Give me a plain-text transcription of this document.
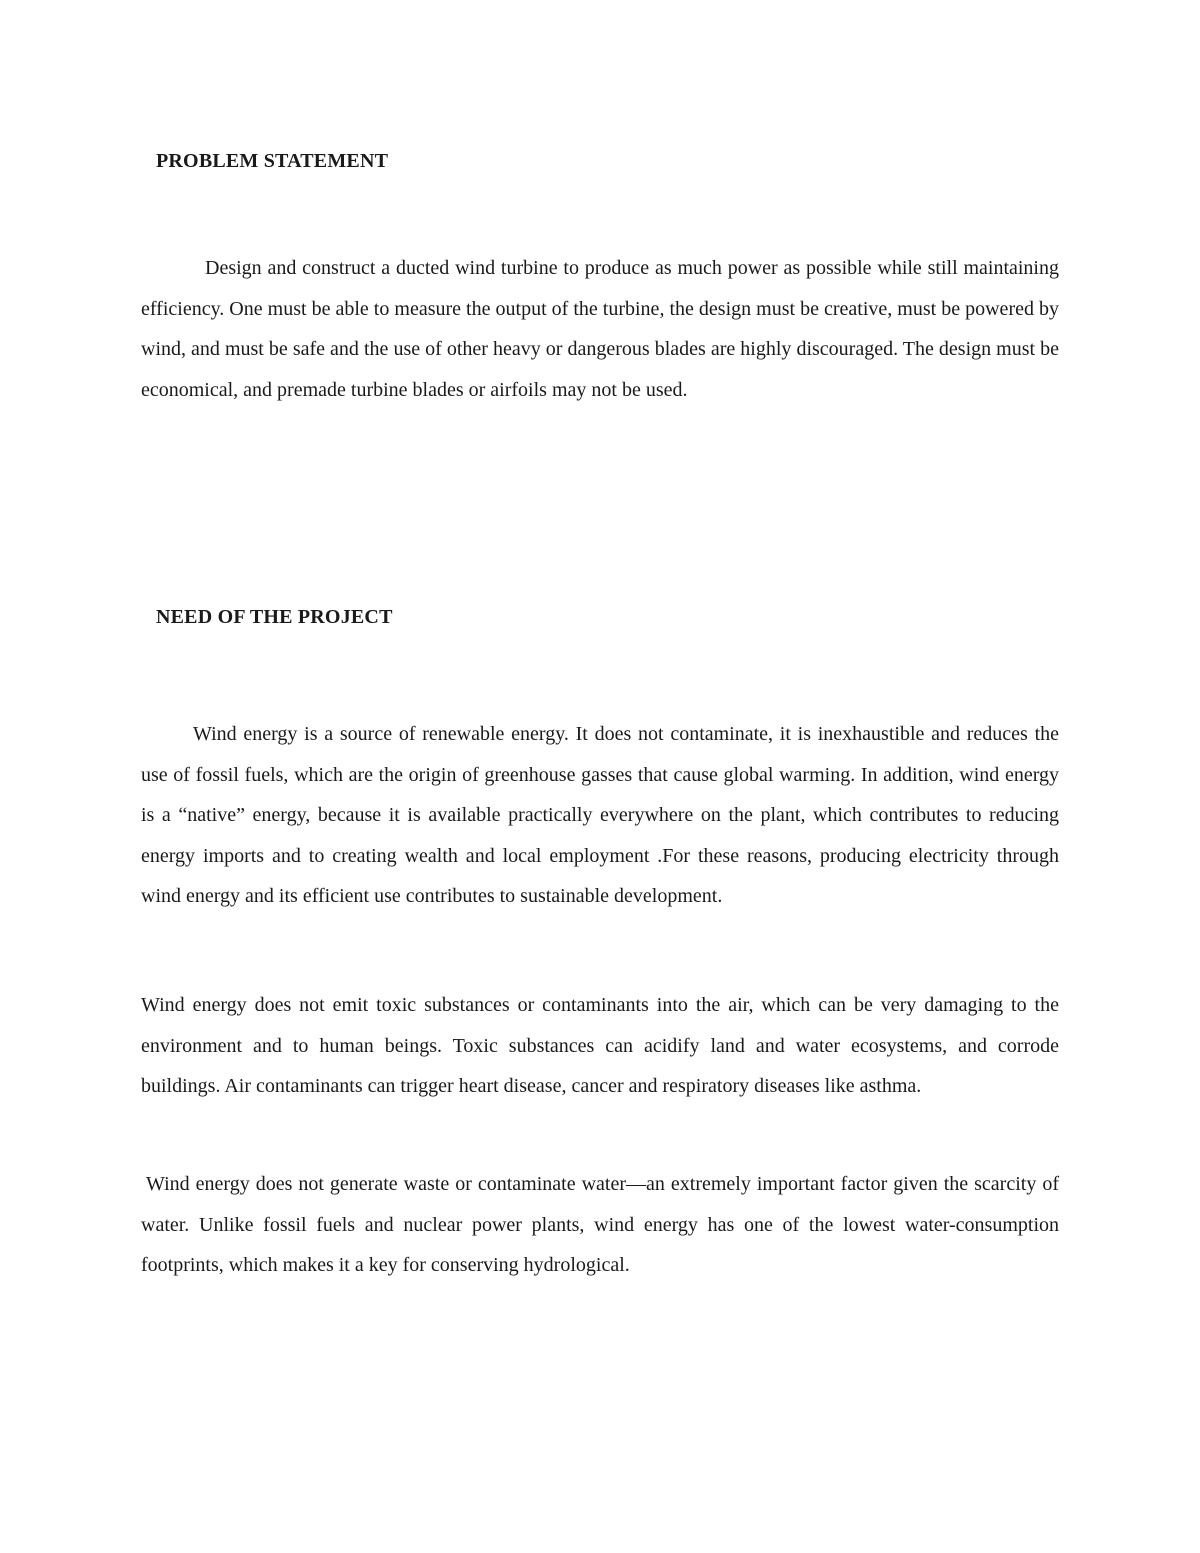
PROBLEM STATEMENT

Design and construct a ducted wind turbine to produce as much power as possible while still maintaining efficiency. One must be able to measure the output of the turbine, the design must be creative, must be powered by wind, and must be safe and the use of other heavy or dangerous blades are highly discouraged. The design must be economical, and premade turbine blades or airfoils may not be used.

NEED OF THE PROJECT

Wind energy is a source of renewable energy. It does not contaminate, it is inexhaustible and reduces the use of fossil fuels, which are the origin of greenhouse gasses that cause global warming. In addition, wind energy is a “native” energy, because it is available practically everywhere on the plant, which contributes to reducing energy imports and to creating wealth and local employment .For these reasons, producing electricity through wind energy and its efficient use contributes to sustainable development.

Wind energy does not emit toxic substances or contaminants into the air, which can be very damaging to the environment and to human beings. Toxic substances can acidify land and water ecosystems, and corrode buildings. Air contaminants can trigger heart disease, cancer and respiratory diseases like asthma.

Wind energy does not generate waste or contaminate water—an extremely important factor given the scarcity of water. Unlike fossil fuels and nuclear power plants, wind energy has one of the lowest water-consumption footprints, which makes it a key for conserving hydrological.
